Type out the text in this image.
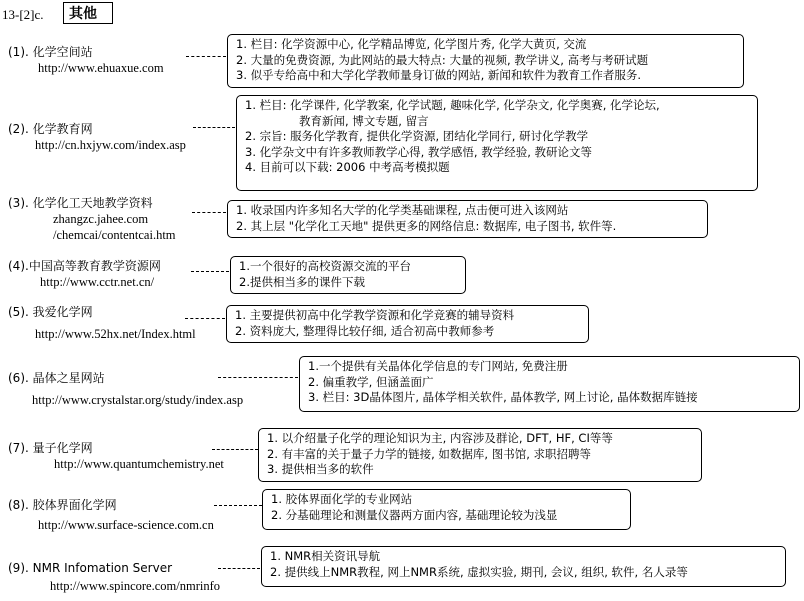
13-[2]c.	其他
(1). 化学空间站
http://www.ehuaxue.com
1. 栏目: 化学资源中心, 化学精品博览, 化学图片秀, 化学大黄页, 交流
2. 大量的免费资源, 为此网站的最大特点: 大量的视频, 教学讲义, 高考与考研试题
3. 似乎专给高中和大学化学教师量身订做的网站, 新闻和软件为教育工作者服务.
(2). 化学教育网
http://cn.hxjyw.com/index.asp
1. 栏目: 化学课件, 化学教案, 化学试题, 趣味化学, 化学杂文, 化学奥赛, 化学论坛,
教育新闻, 博文专题, 留言
2. 宗旨: 服务化学教育, 提供化学资源, 团结化学同行, 研讨化学教学
3. 化学杂文中有许多教师教学心得, 教学感悟, 教学经验, 教研论文等
4. 目前可以下载: 2006 中考高考模拟题
(3). 化学化工天地教学资料
zhangzc.jahee.com
/chemcai/contentcai.htm
1. 收录国内许多知名大学的化学类基础课程, 点击便可进入该网站
2. 其上层 "化学化工天地" 提供更多的网络信息: 数据库, 电子图书, 软件等.
(4).中国高等教育教学资源网
http://www.cctr.net.cn/
1.一个很好的高校资源交流的平台
2.提供相当多的课件下载
(5). 我爱化学网
http://www.52hx.net/Index.html
1. 主要提供初高中化学教学资源和化学竞赛的辅导资料
2. 资料庞大, 整理得比较仔细, 适合初高中教师参考
(6). 晶体之星网站
http://www.crystalstar.org/study/index.asp
1.一个提供有关晶体化学信息的专门网站, 免费注册
2. 偏重教学, 但涵盖面广
3. 栏目: 3D晶体图片, 晶体学相关软件, 晶体教学, 网上讨论, 晶体数据库链接
(7). 量子化学网
http://www.quantumchemistry.net
1. 以介绍量子化学的理论知识为主, 内容涉及群论, DFT, HF, CI等等
2. 有丰富的关于量子力学的链接, 如数据库, 图书馆, 求职招聘等
3. 提供相当多的软件
(8). 胶体界面化学网
http://www.surface-science.com.cn
1. 胶体界面化学的专业网站
2. 分基础理论和测量仪器两方面内容, 基础理论较为浅显
(9). NMR Infomation Server
http://www.spincore.com/nmrinfo
1. NMR相关资讯导航
2. 提供线上NMR教程, 网上NMR系统, 虚拟实验, 期刊, 会议, 组织, 软件, 名人录等
